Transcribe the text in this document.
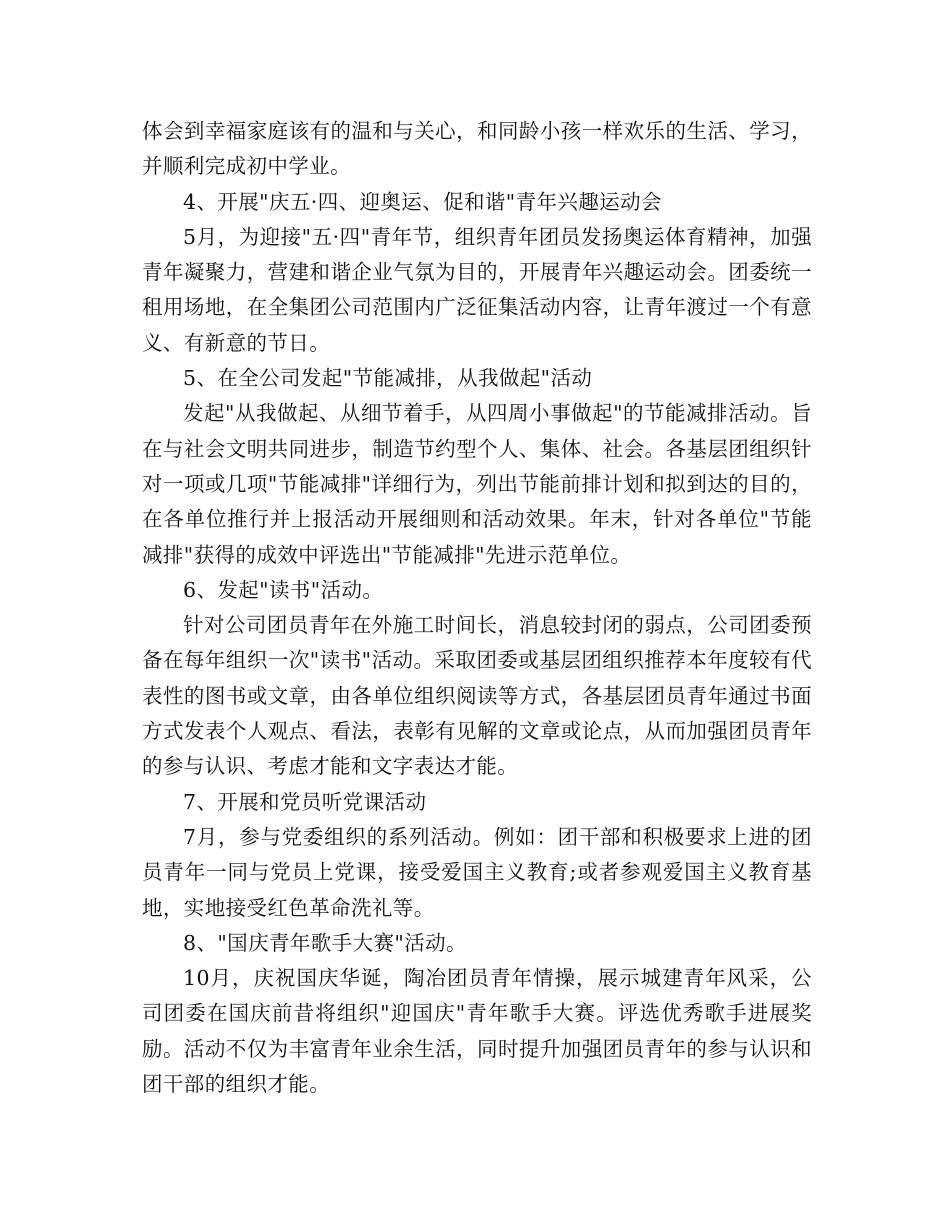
体会到幸福家庭该有的温和与关心，和同龄小孩一样欢乐的生活、学习，并顺利完成初中学业。

4、开展"庆五·四、迎奥运、促和谐"青年兴趣运动会

5月，为迎接"五·四"青年节，组织青年团员发扬奥运体育精神，加强青年凝聚力，营建和谐企业气氛为目的，开展青年兴趣运动会。团委统一租用场地，在全集团公司范围内广泛征集活动内容，让青年渡过一个有意义、有新意的节日。

5、在全公司发起"节能减排，从我做起"活动

发起"从我做起、从细节着手，从四周小事做起"的节能减排活动。旨在与社会文明共同进步，制造节约型个人、集体、社会。各基层团组织针对一项或几项"节能减排"详细行为，列出节能前排计划和拟到达的目的，在各单位推行并上报活动开展细则和活动效果。年末，针对各单位"节能减排"获得的成效中评选出"节能减排"先进示范单位。

6、发起"读书"活动。

针对公司团员青年在外施工时间长，消息较封闭的弱点，公司团委预备在每年组织一次"读书"活动。采取团委或基层团组织推荐本年度较有代表性的图书或文章，由各单位组织阅读等方式，各基层团员青年通过书面方式发表个人观点、看法，表彰有见解的文章或论点，从而加强团员青年的参与认识、考虑才能和文字表达才能。

7、开展和党员听党课活动

7月，参与党委组织的系列活动。例如：团干部和积极要求上进的团员青年一同与党员上党课，接受爱国主义教育;或者参观爱国主义教育基地，实地接受红色革命洗礼等。

8、"国庆青年歌手大赛"活动。

10月，庆祝国庆华诞，陶冶团员青年情操，展示城建青年风采，公司团委在国庆前昔将组织"迎国庆"青年歌手大赛。评选优秀歌手进展奖励。活动不仅为丰富青年业余生活，同时提升加强团员青年的参与认识和团干部的组织才能。
